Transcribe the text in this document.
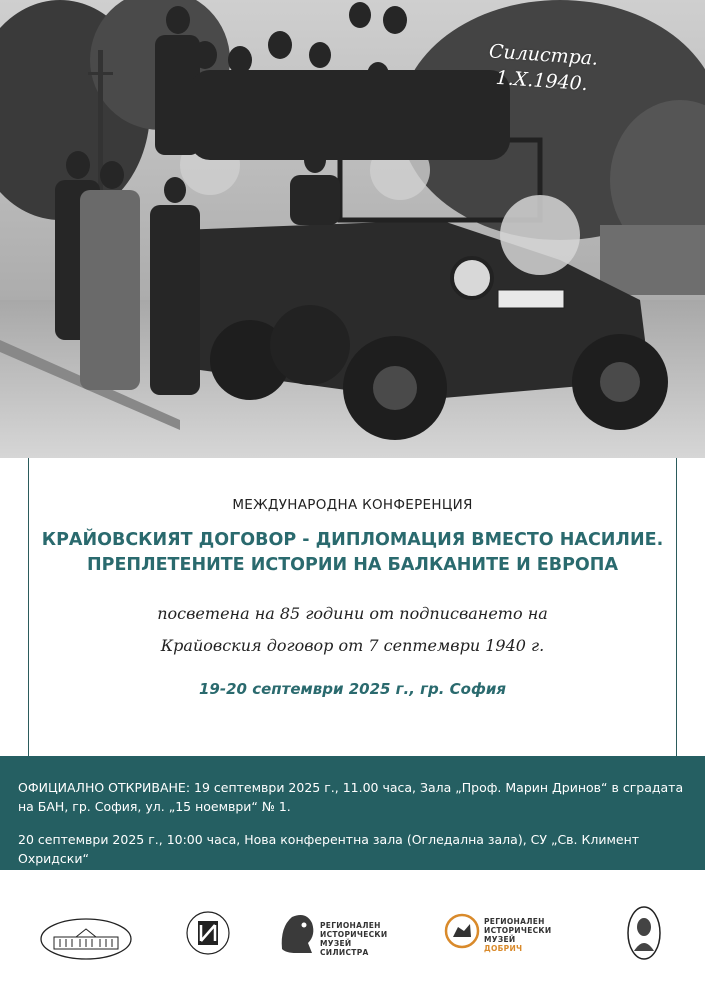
Силистра.
1.Х.1940.
МЕЖДУНАРОДНА КОНФЕРЕНЦИЯ
КРАЙОВСКИЯТ ДОГОВОР - ДИПЛОМАЦИЯ ВМЕСТО НАСИЛИЕ.
ПРЕПЛЕТЕНИТЕ ИСТОРИИ НА БАЛКАНИТЕ И ЕВРОПА
посветена на 85 години от подписването на
Крайовския договор от 7 септември 1940 г.
19-20 септември 2025 г., гр. София
ОФИЦИАЛНО ОТКРИВАНЕ: 19 септември 2025 г., 11.00 часа, Зала „Проф. Марин Дринов“ в сградата
на БАН, гр. София, ул. „15 ноември“ № 1.
20 септември 2025 г., 10:00 часа, Нова конферентна зала (Огледална зала), СУ „Св. Климент Охридски“
РЕГИОНАЛЕН
ИСТОРИЧЕСКИ
МУЗЕЙ СИЛИСТРА
РЕГИОНАЛЕН
ИСТОРИЧЕСКИ МУЗЕЙ
ДОБРИЧ
